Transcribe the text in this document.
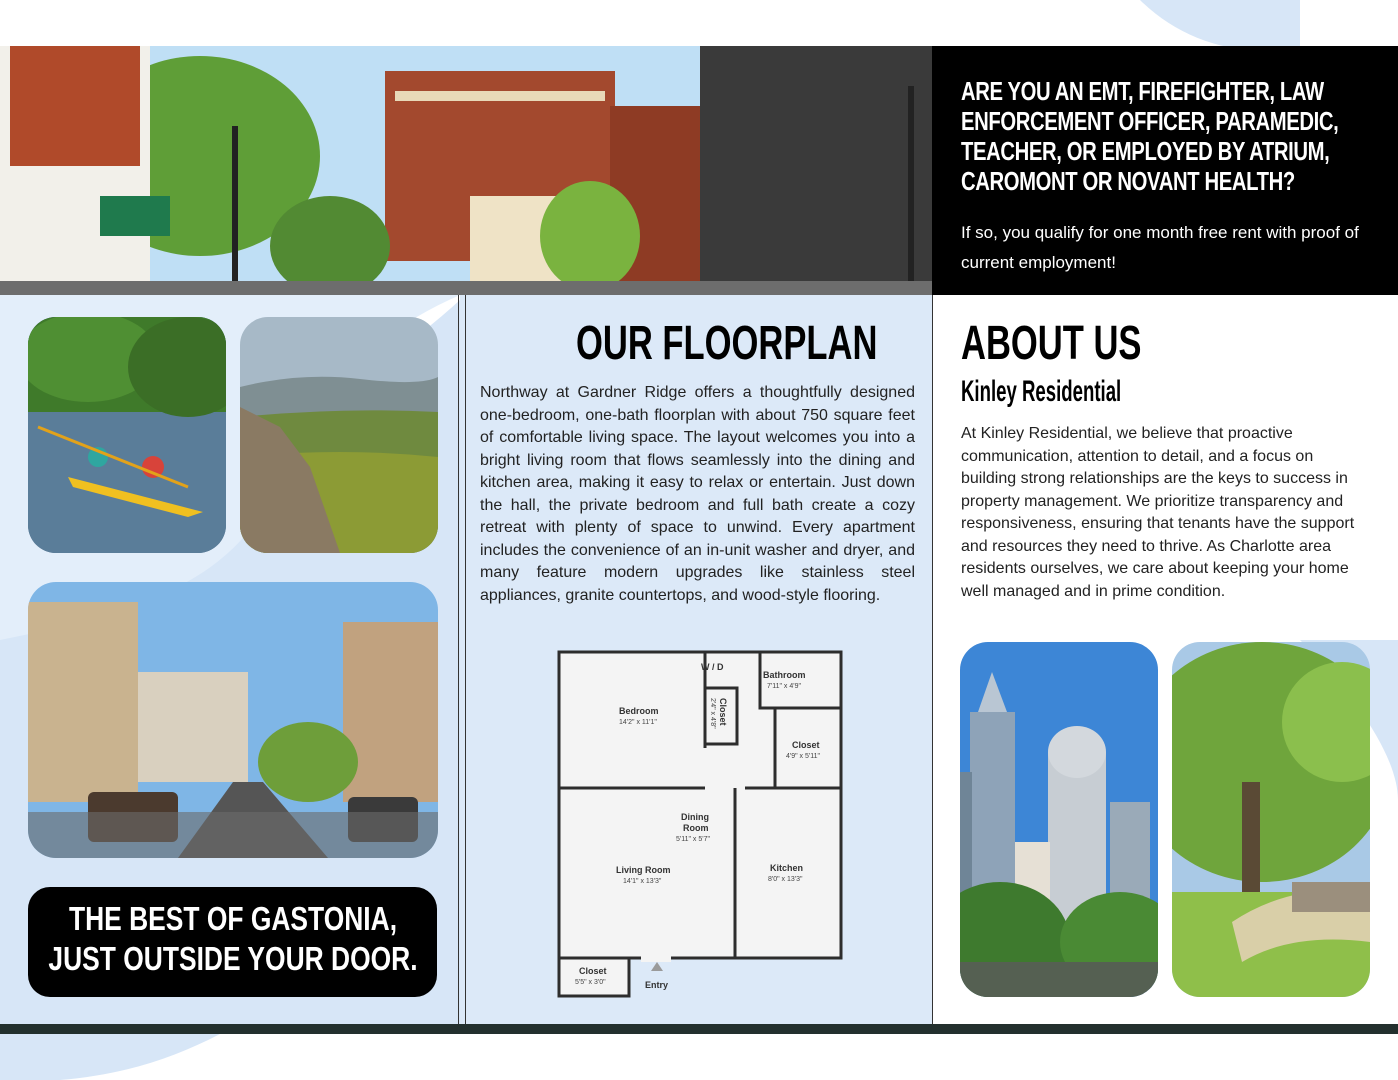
ARE YOU AN EMT, FIREFIGHTER, LAW ENFORCEMENT OFFICER, PARAMEDIC, TEACHER, OR EMPLOYED BY ATRIUM, CAROMONT OR NOVANT HEALTH?

If so, you qualify for one month free rent with proof of current employment!

THE BEST OF GASTONIA, JUST OUTSIDE YOUR DOOR.

OUR FLOORPLAN

Northway at Gardner Ridge offers a thoughtfully designed one-bedroom, one-bath floorplan with about 750 square feet of comfortable living space. The layout welcomes you into a bright living room that flows seamlessly into the dining and kitchen area, making it easy to relax or entertain. Just down the hall, the private bedroom and full bath create a cozy retreat with plenty of space to unwind. Every apartment includes the convenience of an in-unit washer and dryer, and many feature modern upgrades like stainless steel appliances, granite countertops, and wood-style flooring.

W / D
Bathroom
7'11" x 4'9"
Bedroom
14'2" x 11'1"	Closet
2'4" x 4'8"
Closet
4'9" x 5'11"
Dining
Room
5'11" x 5'7"
Living Room
14'1" x 13'3"
Kitchen
8'0" x 13'3"
Closet
5'5" x 3'0"	Entry
ABOUT US
Kinley Residential

At Kinley Residential, we believe that proactive communication, attention to detail, and a focus on building strong relationships are the keys to success in property management. We prioritize transparency and responsiveness, ensuring that tenants have the support and resources they need to thrive. As Charlotte area residents ourselves, we care about keeping your home well managed and in prime condition.
